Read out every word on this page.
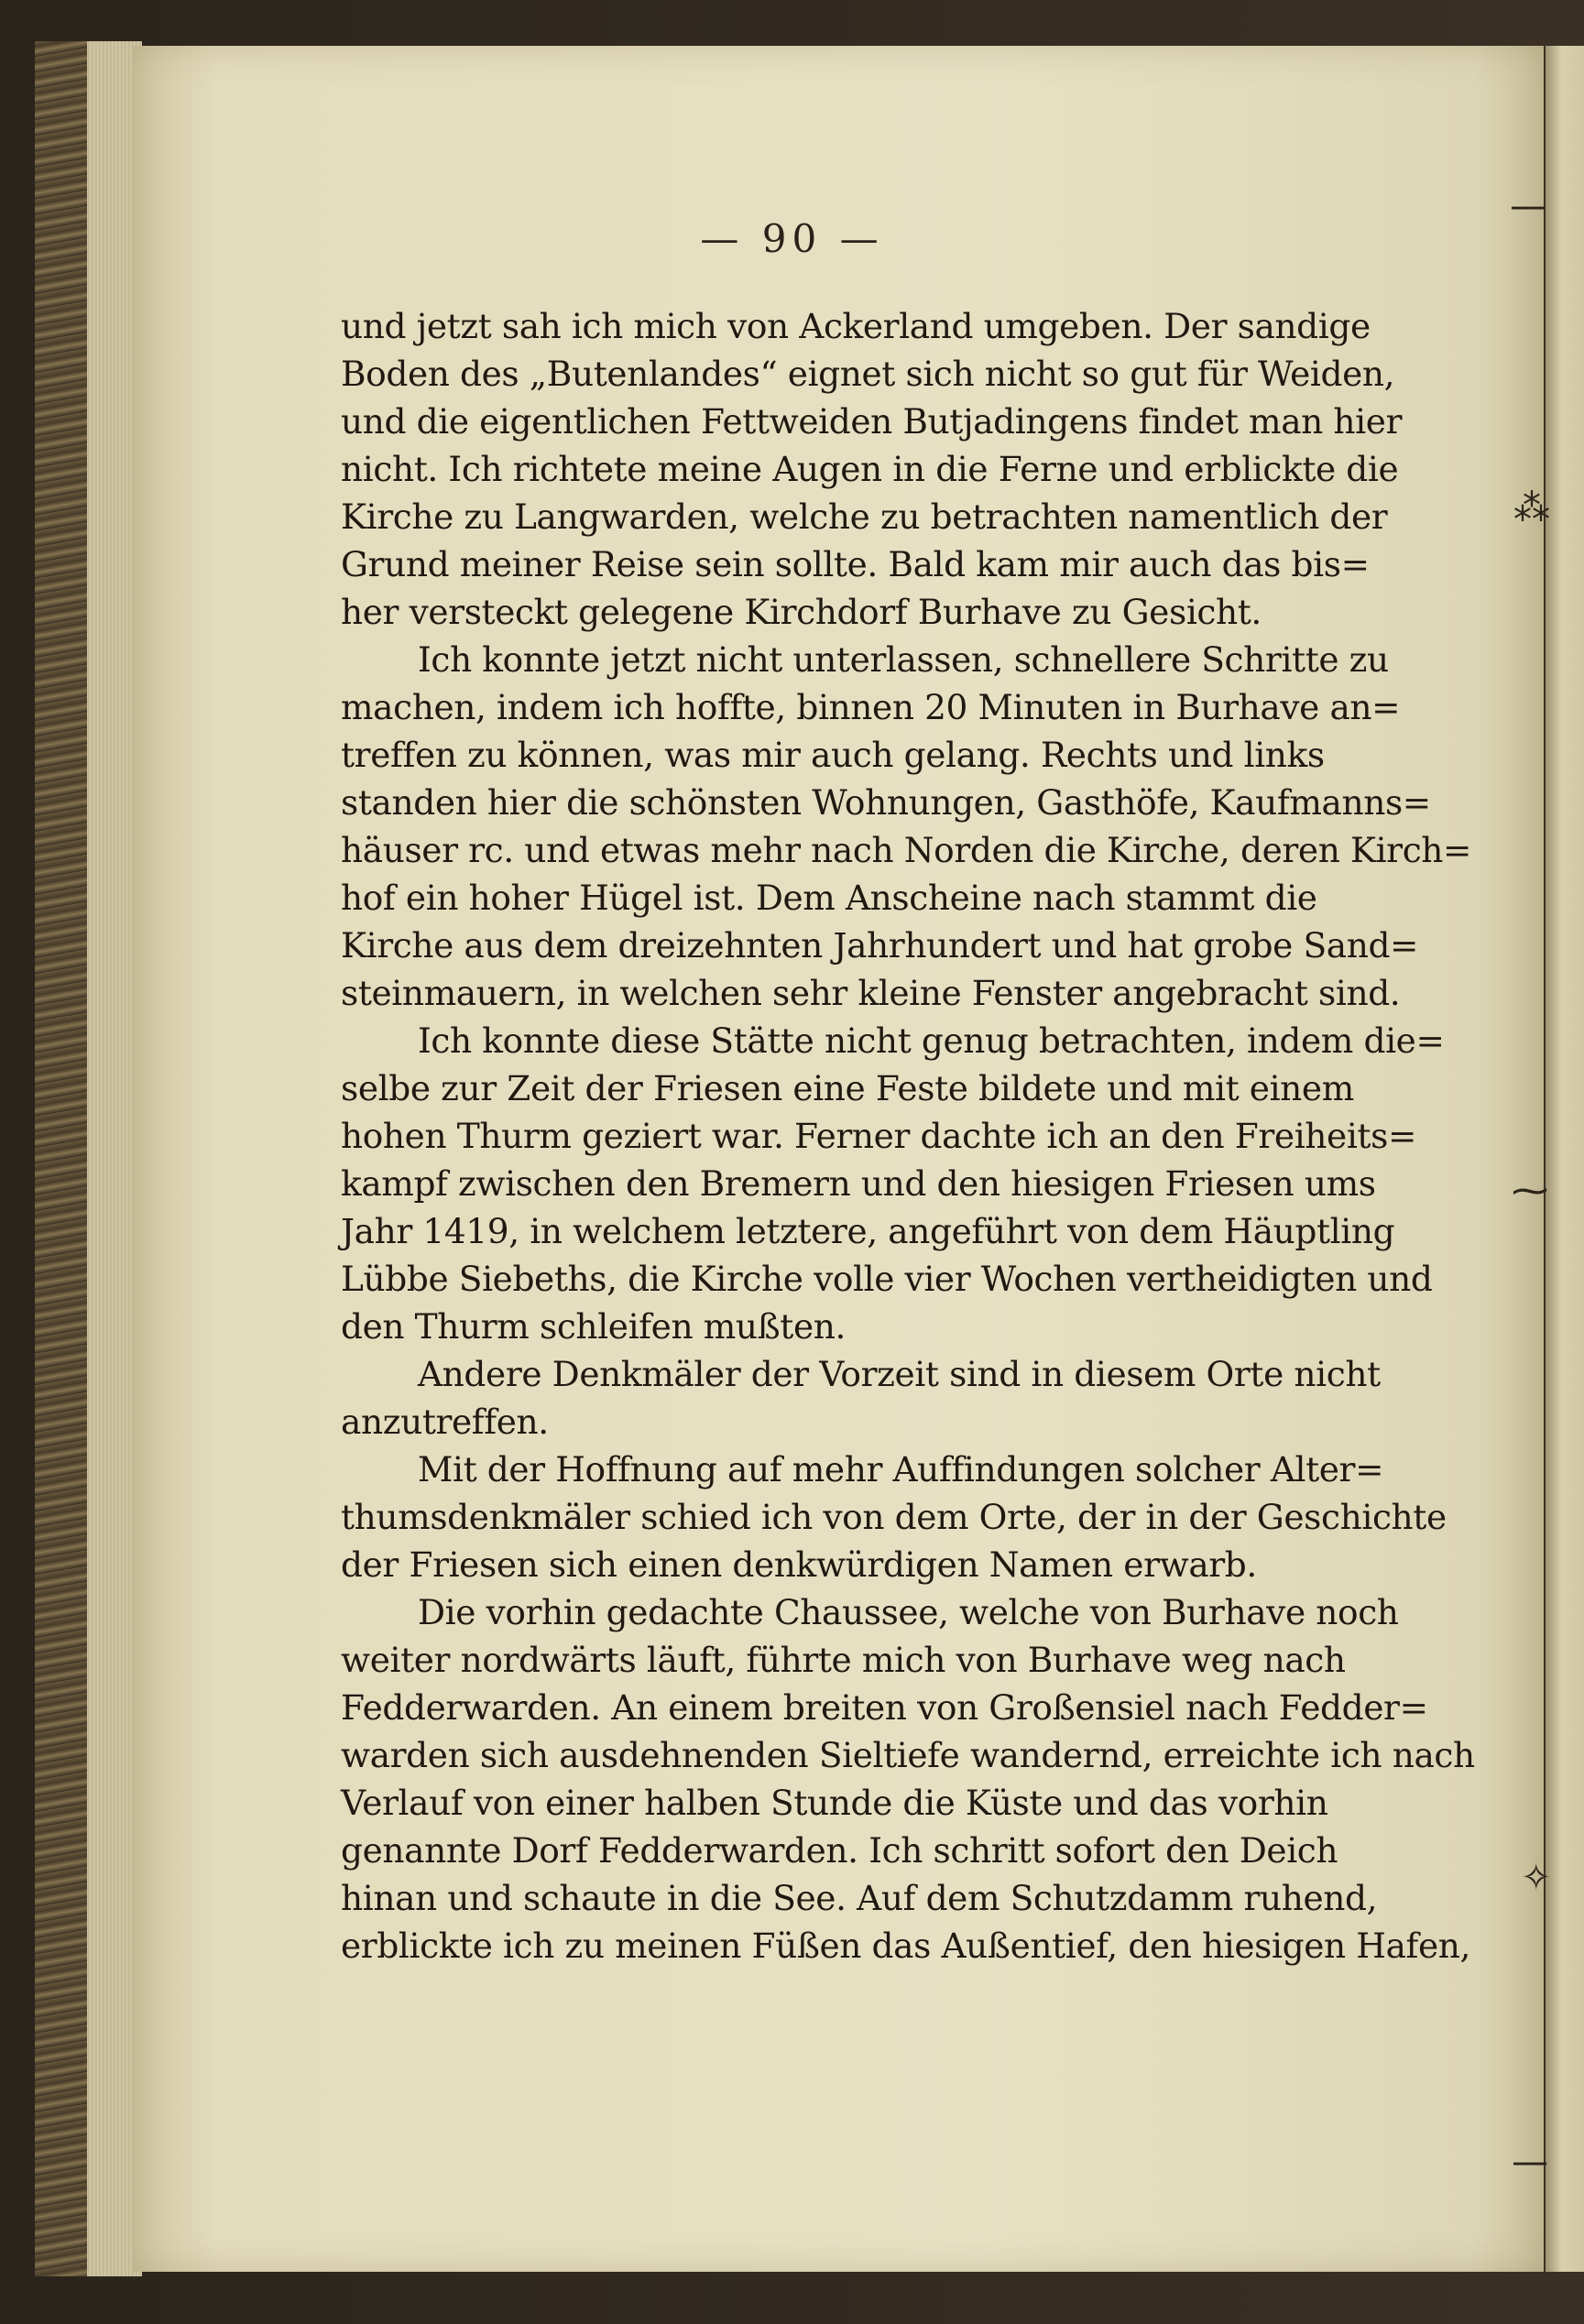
—
⁂
⁓
✧
—
— 90 —
und jetzt sah ich mich von Ackerland umgeben. Der sandige
Boden des „Butenlandes“ eignet sich nicht so gut für Weiden,
und die eigentlichen Fettweiden Butjadingens findet man hier
nicht. Ich richtete meine Augen in die Ferne und erblickte die
Kirche zu Langwarden, welche zu betrachten namentlich der
Grund meiner Reise sein sollte. Bald kam mir auch das bis=
her versteckt gelegene Kirchdorf Burhave zu Gesicht.
Ich konnte jetzt nicht unterlassen, schnellere Schritte zu
machen, indem ich hoffte, binnen 20 Minuten in Burhave an=
treffen zu können, was mir auch gelang. Rechts und links
standen hier die schönsten Wohnungen, Gasthöfe, Kaufmanns=
häuser rc. und etwas mehr nach Norden die Kirche, deren Kirch=
hof ein hoher Hügel ist. Dem Anscheine nach stammt die
Kirche aus dem dreizehnten Jahrhundert und hat grobe Sand=
steinmauern, in welchen sehr kleine Fenster angebracht sind.
Ich konnte diese Stätte nicht genug betrachten, indem die=
selbe zur Zeit der Friesen eine Feste bildete und mit einem
hohen Thurm geziert war. Ferner dachte ich an den Freiheits=
kampf zwischen den Bremern und den hiesigen Friesen ums
Jahr 1419, in welchem letztere, angeführt von dem Häuptling
Lübbe Siebeths, die Kirche volle vier Wochen vertheidigten und
den Thurm schleifen mußten.
Andere Denkmäler der Vorzeit sind in diesem Orte nicht
anzutreffen.
Mit der Hoffnung auf mehr Auffindungen solcher Alter=
thumsdenkmäler schied ich von dem Orte, der in der Geschichte
der Friesen sich einen denkwürdigen Namen erwarb.
Die vorhin gedachte Chaussee, welche von Burhave noch
weiter nordwärts läuft, führte mich von Burhave weg nach
Fedderwarden. An einem breiten von Großensiel nach Fedder=
warden sich ausdehnenden Sieltiefe wandernd, erreichte ich nach
Verlauf von einer halben Stunde die Küste und das vorhin
genannte Dorf Fedderwarden. Ich schritt sofort den Deich
hinan und schaute in die See. Auf dem Schutzdamm ruhend,
erblickte ich zu meinen Füßen das Außentief, den hiesigen Hafen,
